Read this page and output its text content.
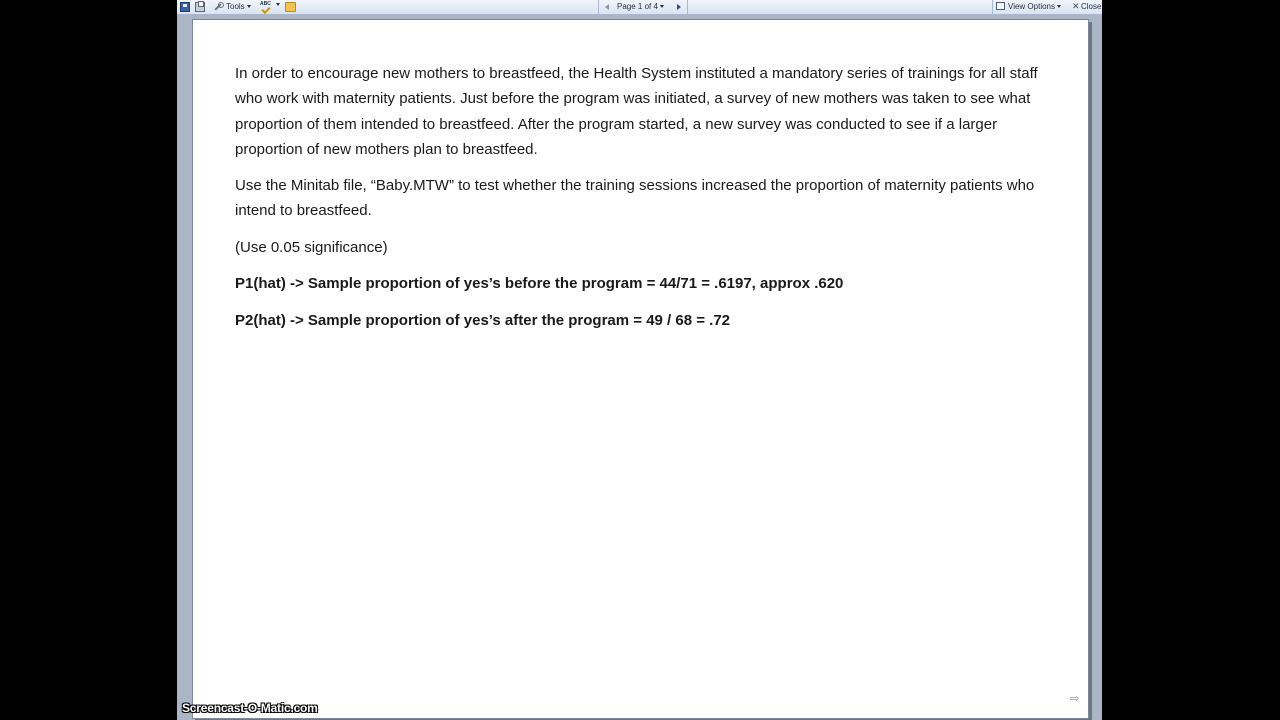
Tools
ABC	Page 1 of 4	View Options	✕ Close

In order to encourage new mothers to breastfeed, the Health System instituted a mandatory series of trainings for all staff who work with maternity patients. Just before the program was initiated, a survey of new mothers was taken to see what proportion of them intended to breastfeed. After the program started, a new survey was conducted to see if a larger proportion of new mothers plan to breastfeed.

Use the Minitab file, “Baby.MTW” to test whether the training sessions increased the proportion of maternity patients who intend to breastfeed.

(Use 0.05 significance)

P1(hat) -> Sample proportion of yes’s before the program = 44/71 = .6197, approx .620

P2(hat) -> Sample proportion of yes’s after the program = 49 / 68 = .72

⇨
Screencast-O-Matic.com
